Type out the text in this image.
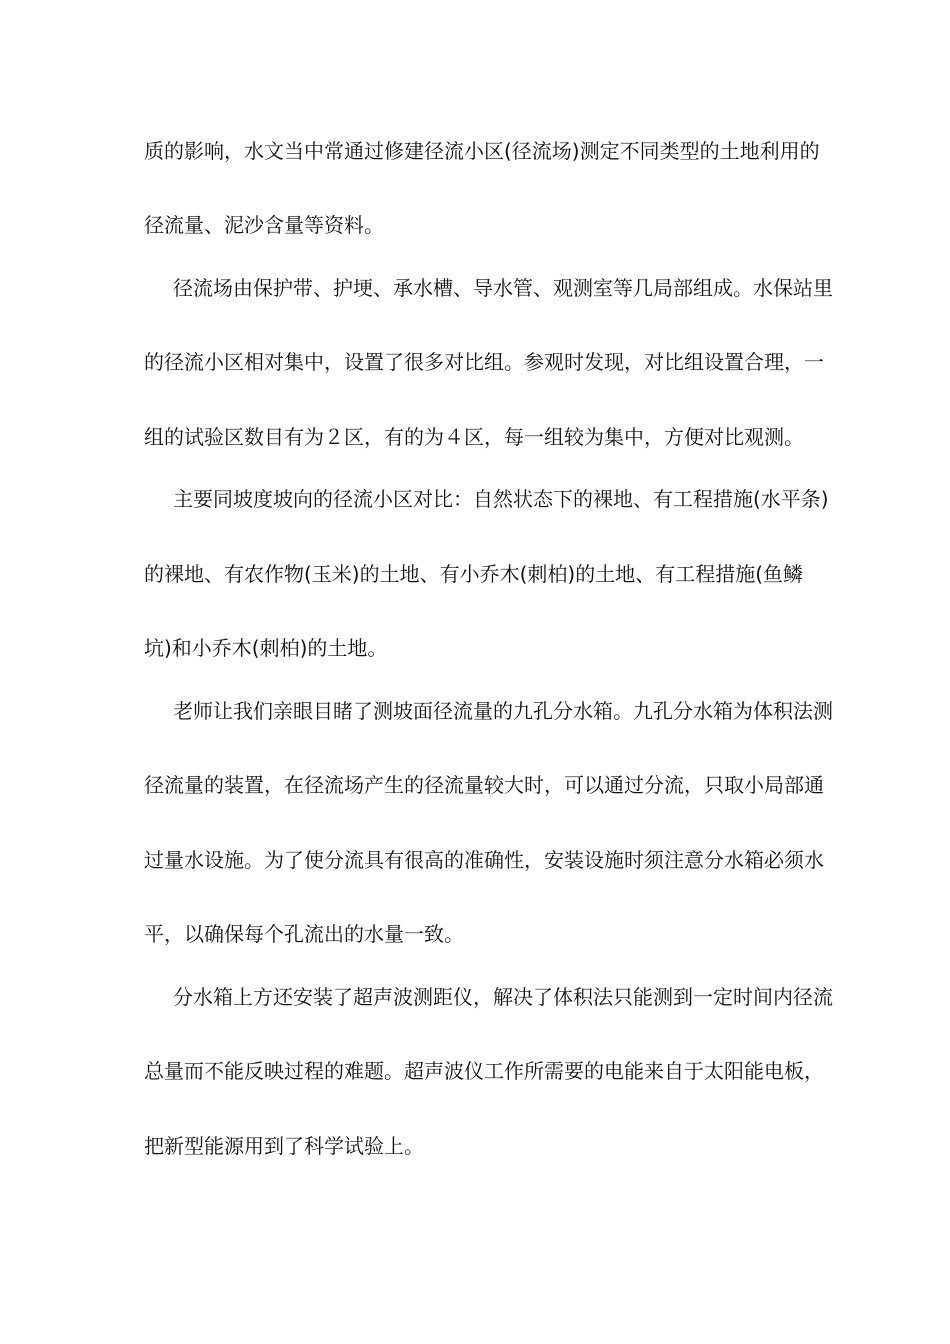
质的影响，水文当中常通过修建径流小区(径流场)测定不同类型的土地利用的
径流量、泥沙含量等资料。
径流场由保护带、护埂、承水槽、导水管、观测室等几局部组成。水保站里
的径流小区相对集中，设置了很多对比组。参观时发现，对比组设置合理，一
组的试验区数目有为２区，有的为４区，每一组较为集中，方便对比观测。
主要同坡度坡向的径流小区对比：自然状态下的裸地、有工程措施(水平条)
的裸地、有农作物(玉米)的土地、有小乔木(刺柏)的土地、有工程措施(鱼鳞
坑)和小乔木(刺柏)的土地。
老师让我们亲眼目睹了测坡面径流量的九孔分水箱。九孔分水箱为体积法测
径流量的装置，在径流场产生的径流量较大时，可以通过分流，只取小局部通
过量水设施。为了使分流具有很高的准确性，安装设施时须注意分水箱必须水
平，以确保每个孔流出的水量一致。
分水箱上方还安装了超声波测距仪，解决了体积法只能测到一定时间内径流
总量而不能反映过程的难题。超声波仪工作所需要的电能来自于太阳能电板，
把新型能源用到了科学试验上。
